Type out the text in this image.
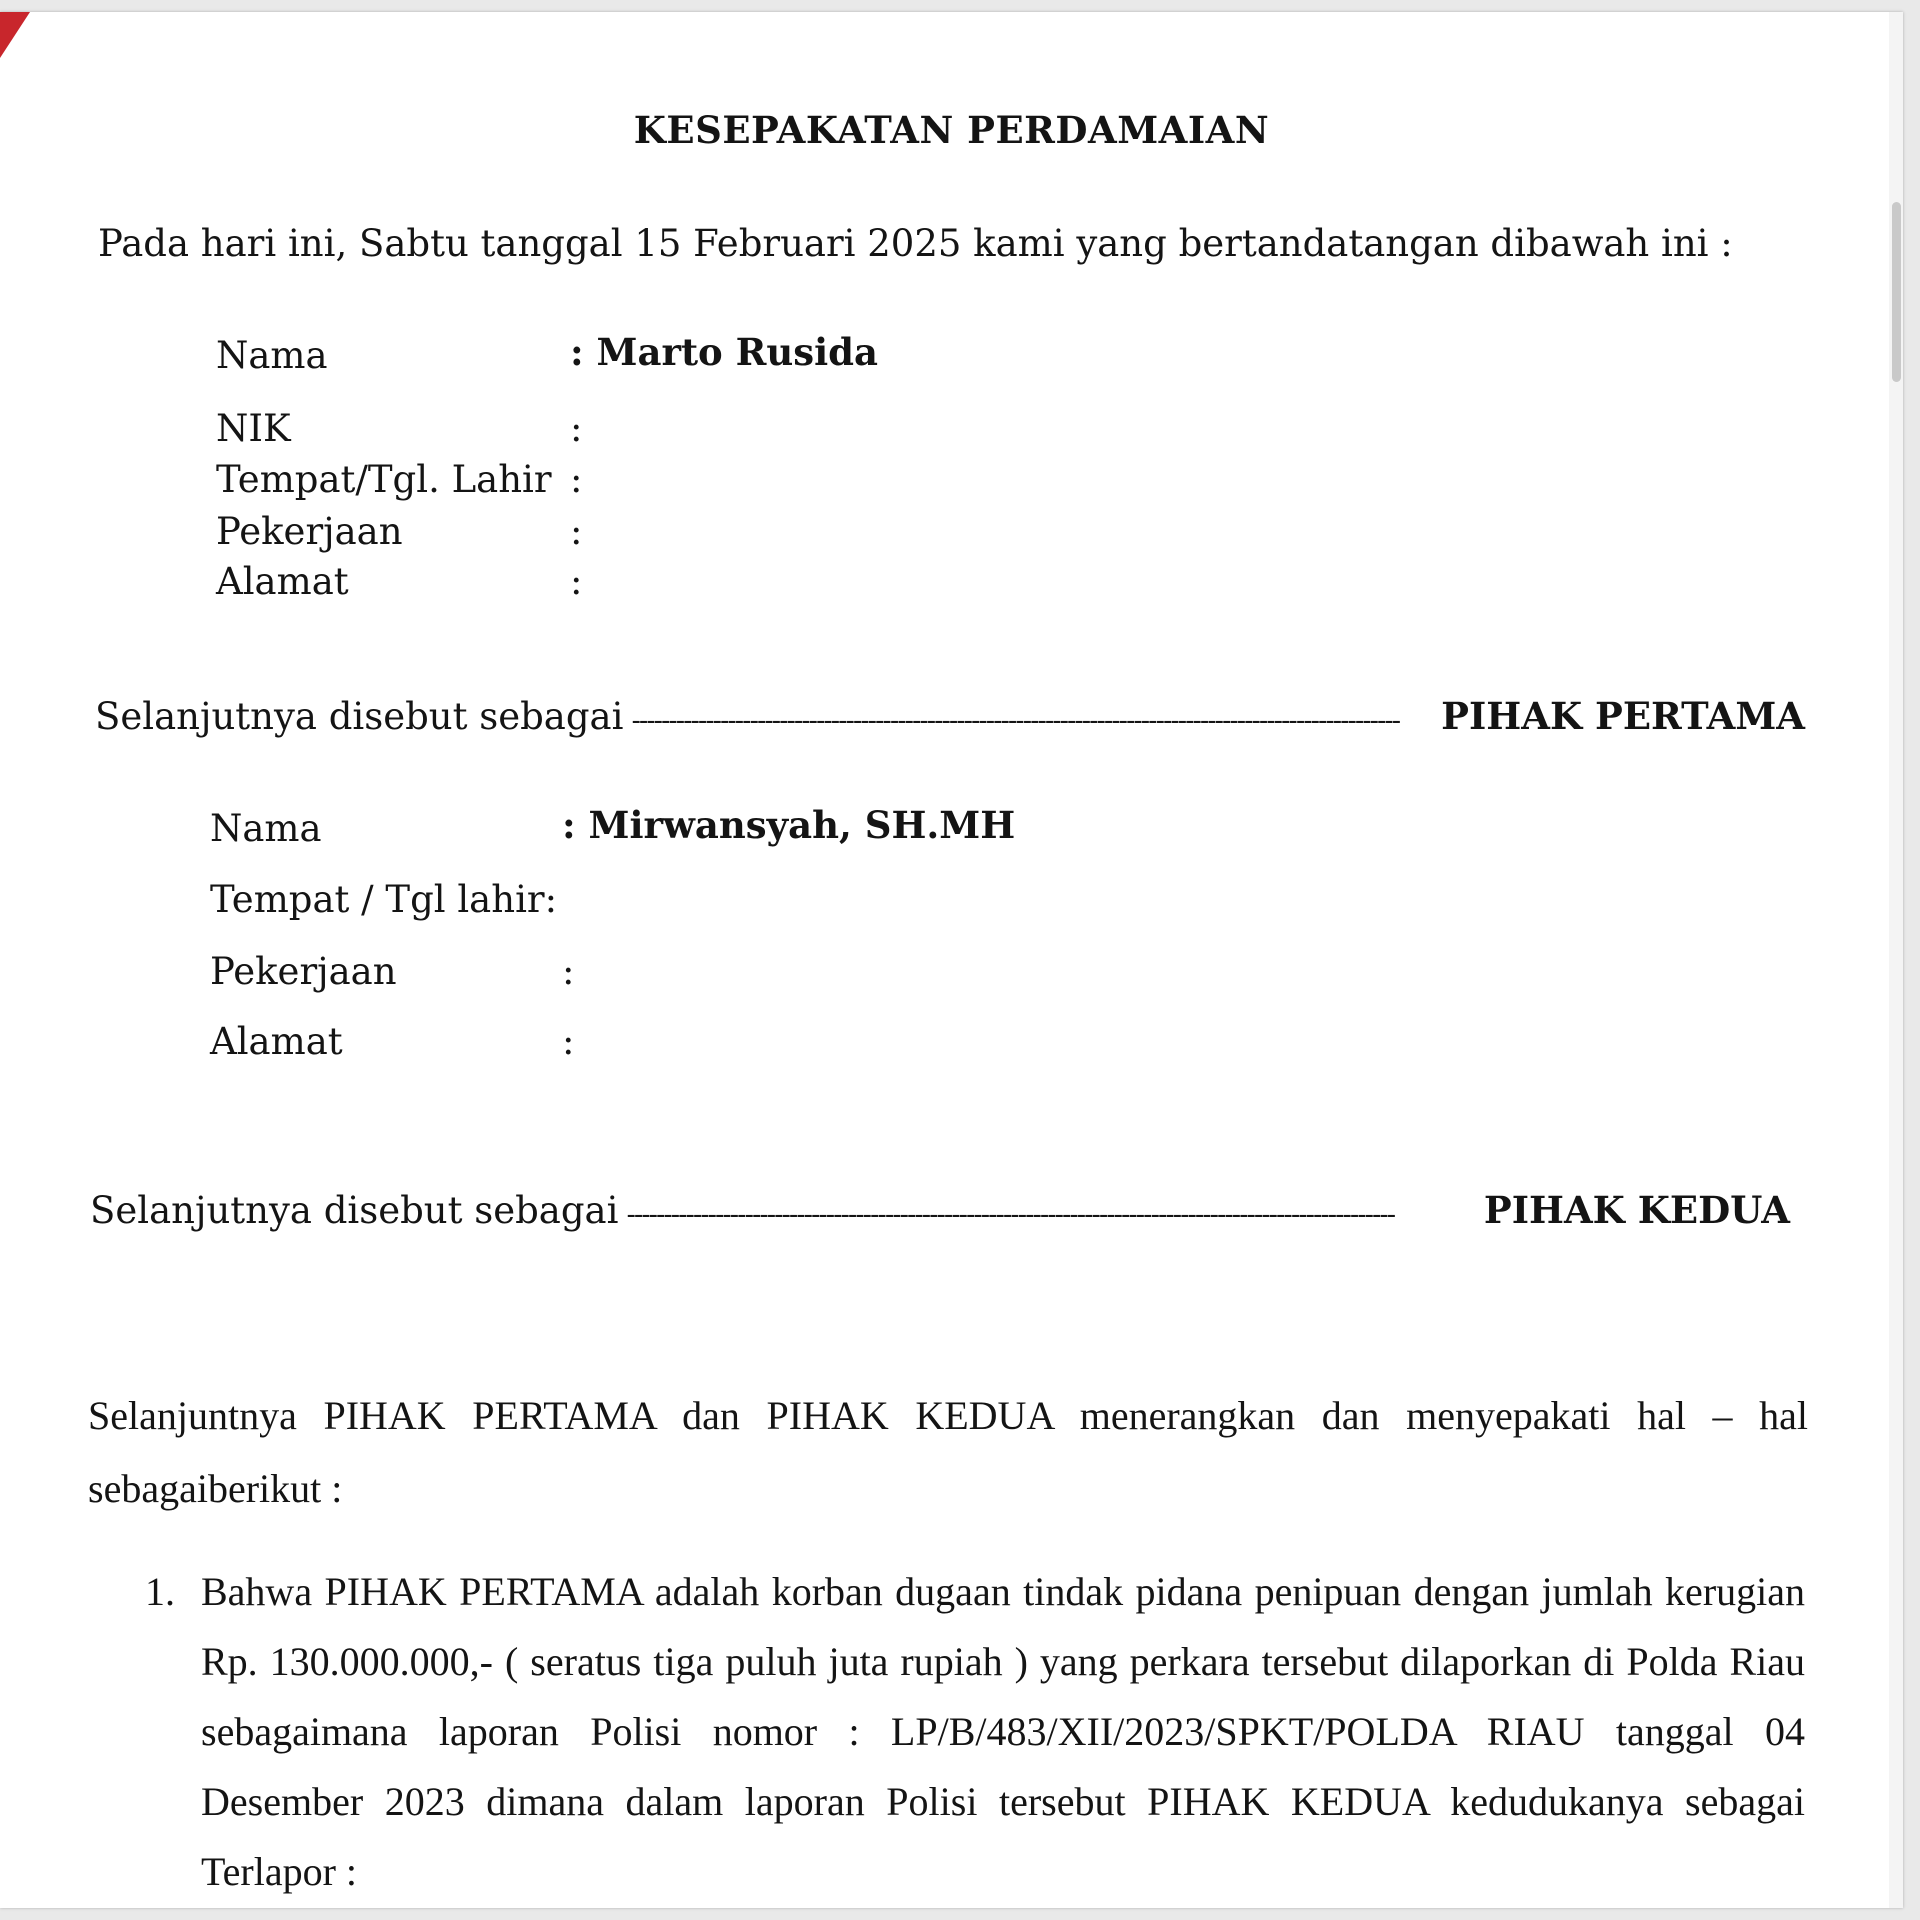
KESEPAKATAN PERDAMAIAN
Pada hari ini, Sabtu tanggal 15 Februari 2025 kami yang bertandatangan dibawah ini :
Nama	: Marto Rusida
NIK	:
Tempat/Tgl. Lahir :
Pekerjaan	:
Alamat	:
Selanjutnya disebut sebagai --------------------------------------------------------------------------------------------------------	PIHAK PERTAMA
Nama	: Mirwansyah, SH.MH
Tempat / Tgl lahir:
Pekerjaan	:
Alamat	:
Selanjutnya disebut sebagai --------------------------------------------------------------------------------------------------------	PIHAK KEDUA
Selanjuntnya PIHAK PERTAMA dan PIHAK KEDUA menerangkan dan menyepakati hal – hal sebagaiberikut :
1. Bahwa PIHAK PERTAMA adalah korban dugaan tindak pidana penipuan dengan jumlah kerugian Rp. 130.000.000,- ( seratus tiga puluh juta rupiah ) yang perkara tersebut dilaporkan di Polda Riau sebagaimana laporan Polisi nomor : LP/B/483/XII/2023/SPKT/POLDA RIAU tanggal 04 Desember 2023 dimana dalam laporan Polisi tersebut PIHAK KEDUA kedudukanya sebagai Terlapor :
